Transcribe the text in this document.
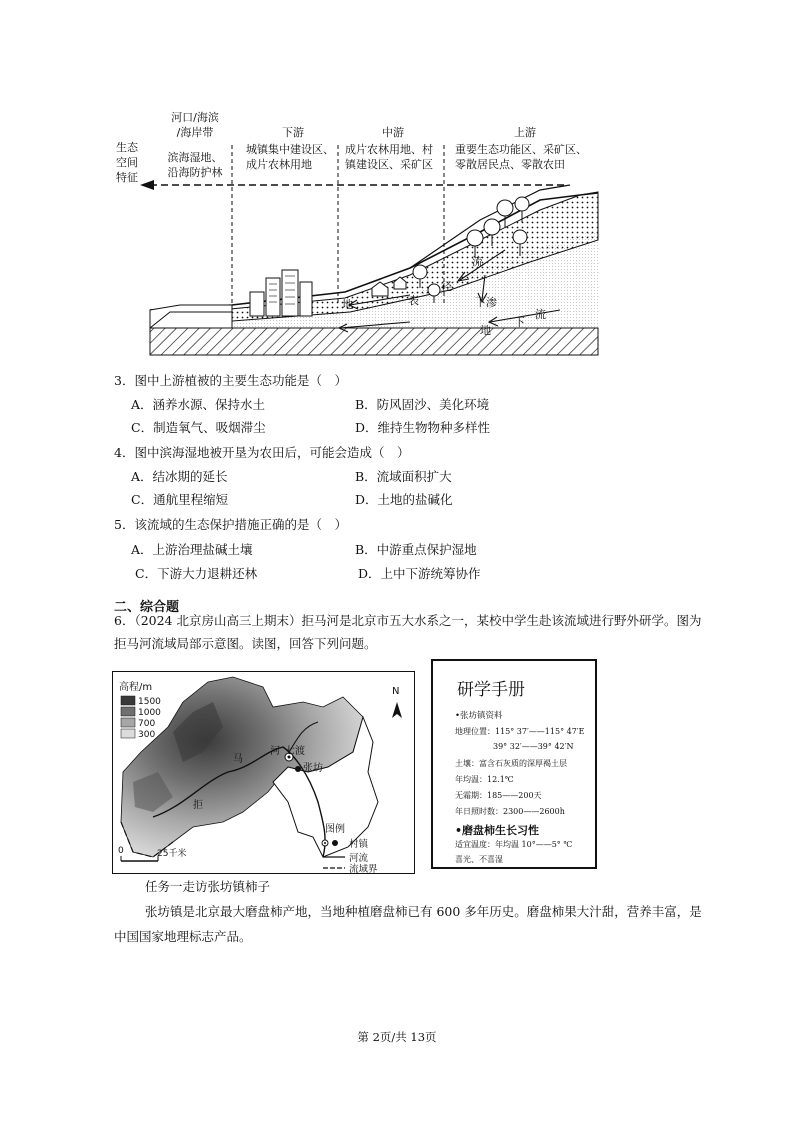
生态
空间
特征
河口/海滨
/海岸带
滨海湿地、
沿海防护林
下游
城镇集中建设区、
成片农林用地
中游
成片农林用地、村
镇建设区、采矿区
上游
重要生态功能区、采矿区、
零散居民点、零散农田
流
径
地	表	下渗
地
下
流
3．图中上游植被的主要生态功能是（　）
A．涵养水源、保持水土	B．防风固沙、美化环境
C．制造氧气、吸烟滞尘	D．维持生物物种多样性
4．图中滨海湿地被开垦为农田后，可能会造成（　）
A．结冰期的延长	B．流域面积扩大
C．通航里程缩短	D．土地的盐碱化
5．该流域的生态保护措施正确的是（　）
A．上游治理盐碱土壤	B．中游重点保护湿地
C．下游大力退耕还林	D．上中下游统筹协作
二、综合题
6．（2024 北京房山高三上期末）拒马河是北京市五大水系之一，某校中学生赴该流域进行野外研学。图为
拒马河流域局部示意图。读图，回答下列问题。
高程/m
1500
1000
700
300
N
0	25千米
七渡
张坊
拒
马
河
图例
村镇
河流
流域界
研学手册
•张坊镇资料
地理位置：115° 37′——115° 47′E
39° 32′——39° 42′N
土壤：富含石灰质的深厚褐土层
年均温：12.1℃
无霜期：185——200天
年日照时数：2300——2600h
•磨盘柿生长习性
适宜温度：年均温 10°——5° ℃
喜光、不喜湿
任务一走访张坊镇柿子
张坊镇是北京最大磨盘柿产地，当地种植磨盘柿已有 600 多年历史。磨盘柿果大汁甜，营养丰富，是
中国国家地理标志产品。
第 2页/共 13页
